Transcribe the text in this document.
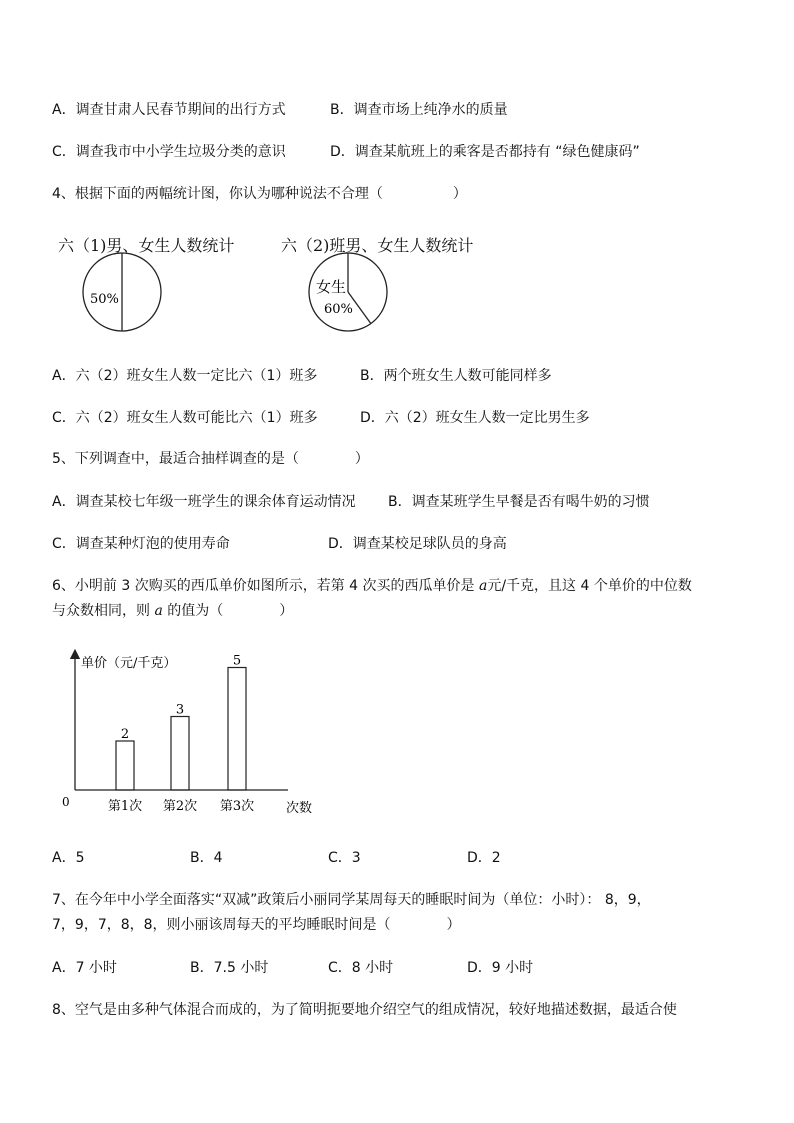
A．调查甘肃人民春节期间的出行方式	B．调查市场上纯净水的质量
C．调查我市中小学生垃圾分类的意识	D．调查某航班上的乘客是否都持有 “绿色健康码”
4、根据下面的两幅统计图，你认为哪种说法不合理（　　　　　）
六（1)男、女生人数统计
50%
六（2)班男、女生人数统计
女生
60%
A．六（2）班女生人数一定比六（1）班多	B．两个班女生人数可能同样多
C．六（2）班女生人数可能比六（1）班多	D．六（2）班女生人数一定比男生多
5、下列调查中，最适合抽样调查的是（　　　　）
A．调查某校七年级一班学生的课余体育运动情况 B．调查某班学生早餐是否有喝牛奶的习惯
C．调查某种灯泡的使用寿命	D．调查某校足球队员的身高
6、小明前 3 次购买的西瓜单价如图所示，若第 4 次买的西瓜单价是 a元/千克，且这 4 个单价的中位数
与众数相同，则 a 的值为（　　　　）
单价（元/千克）
0	次数
2
第1次
3
第2次
5
第3次
A．5	B．4	C．3	D．2
7、在今年中小学全面落实“双减”政策后小丽同学某周每天的睡眠时间为（单位：小时）： 8，9，
7，9，7，8，8，则小丽该周每天的平均睡眠时间是（　　　　）
A．7 小时	B．7.5 小时	C．8 小时	D．9 小时
8、空气是由多种气体混合而成的，为了简明扼要地介绍空气的组成情况，较好地描述数据，最适合使
